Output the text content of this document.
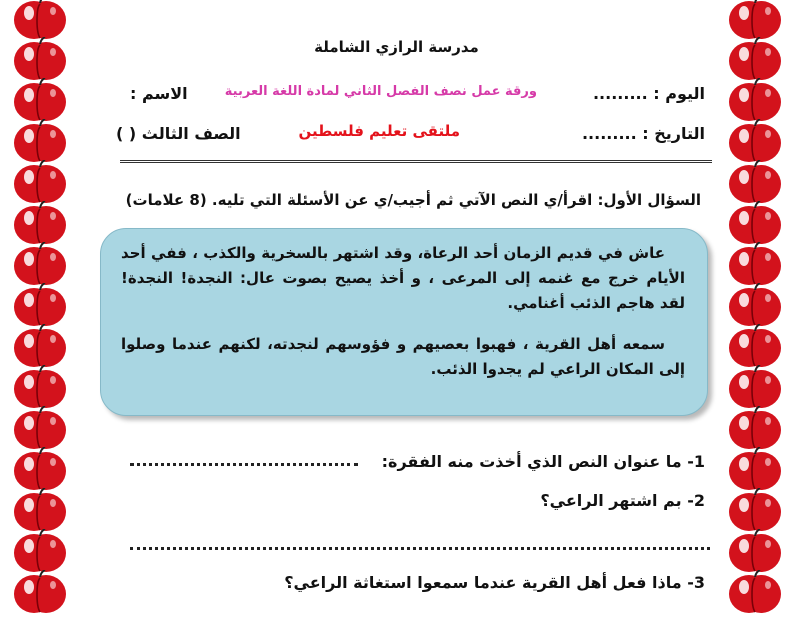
مدرسة الرازي الشاملة
اليوم : .........
ورقة عمل نصف الفصل الثاني لمادة اللغة العربية
الاسم :
التاريخ : .........
ملتقى تعليم فلسطين
الصف الثالث ( )
السؤال الأول: اقرأ/ي النص الآتي ثم أجيب/ي عن الأسئلة التي تليه. (8 علامات)

عاش في قديم الزمان أحد الرعاة، وقد اشتهر بالسخرية والكذب ، ففي أحد الأيام خرج مع غنمه إلى المرعى ، و أخذ يصيح بصوت عال: النجدة! النجدة! لقد هاجم الذئب أغنامي.

سمعه أهل القرية ، فهبوا بعصيهم و فؤوسهم لنجدته، لكنهم عندما وصلوا إلى المكان الراعي لم يجدوا الذئب.

1- ما عنوان النص الذي أخذت منه الفقرة:
2- بم اشتهر الراعي؟
3- ماذا فعل أهل القرية عندما سمعوا استغاثة الراعي؟
